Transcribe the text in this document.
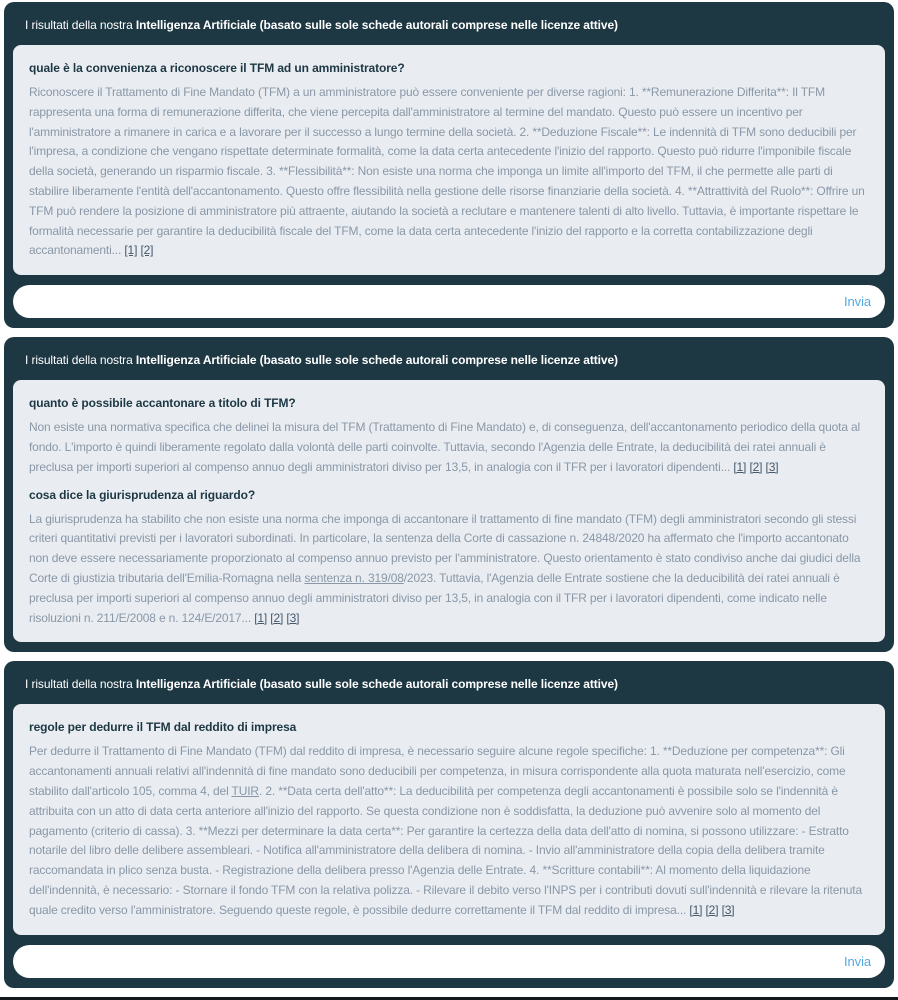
I risultati della nostra Intelligenza Artificiale (basato sulle sole schede autorali comprese nelle licenze attive)
quale è la convenienza a riconoscere il TFM ad un amministratore?
Riconoscere il Trattamento di Fine Mandato (TFM) a un amministratore può essere conveniente per diverse ragioni: 1. **Remunerazione Differita**: Il TFM rappresenta una forma di remunerazione differita, che viene percepita dall'amministratore al termine del mandato. Questo può essere un incentivo per l'amministratore a rimanere in carica e a lavorare per il successo a lungo termine della società. 2. **Deduzione Fiscale**: Le indennità di TFM sono deducibili per l'impresa, a condizione che vengano rispettate determinate formalità, come la data certa antecedente l'inizio del rapporto. Questo può ridurre l'imponibile fiscale della società, generando un risparmio fiscale. 3. **Flessibilità**: Non esiste una norma che imponga un limite all'importo del TFM, il che permette alle parti di stabilire liberamente l'entità dell'accantonamento. Questo offre flessibilità nella gestione delle risorse finanziarie della società. 4. **Attrattività del Ruolo**: Offrire un TFM può rendere la posizione di amministratore più attraente, aiutando la società a reclutare e mantenere talenti di alto livello. Tuttavia, è importante rispettare le formalità necessarie per garantire la deducibilità fiscale del TFM, come la data certa antecedente l'inizio del rapporto e la corretta contabilizzazione degli accantonamenti... [1] [2]
Invia
I risultati della nostra Intelligenza Artificiale (basato sulle sole schede autorali comprese nelle licenze attive)
quanto è possibile accantonare a titolo di TFM?
Non esiste una normativa specifica che delinei la misura del TFM (Trattamento di Fine Mandato) e, di conseguenza, dell'accantonamento periodico della quota al fondo. L'importo è quindi liberamente regolato dalla volontà delle parti coinvolte. Tuttavia, secondo l'Agenzia delle Entrate, la deducibilità dei ratei annuali è preclusa per importi superiori al compenso annuo degli amministratori diviso per 13,5, in analogia con il TFR per i lavoratori dipendenti... [1] [2] [3]
cosa dice la giurisprudenza al riguardo?
La giurisprudenza ha stabilito che non esiste una norma che imponga di accantonare il trattamento di fine mandato (TFM) degli amministratori secondo gli stessi criteri quantitativi previsti per i lavoratori subordinati. In particolare, la sentenza della Corte di cassazione n. 24848/2020 ha affermato che l'importo accantonato non deve essere necessariamente proporzionato al compenso annuo previsto per l'amministratore. Questo orientamento è stato condiviso anche dai giudici della Corte di giustizia tributaria dell'Emilia-Romagna nella sentenza n. 319/08/2023. Tuttavia, l'Agenzia delle Entrate sostiene che la deducibilità dei ratei annuali è preclusa per importi superiori al compenso annuo degli amministratori diviso per 13,5, in analogia con il TFR per i lavoratori dipendenti, come indicato nelle risoluzioni n. 211/E/2008 e n. 124/E/2017... [1] [2] [3]
I risultati della nostra Intelligenza Artificiale (basato sulle sole schede autorali comprese nelle licenze attive)
regole per dedurre il TFM dal reddito di impresa
Per dedurre il Trattamento di Fine Mandato (TFM) dal reddito di impresa, è necessario seguire alcune regole specifiche: 1. **Deduzione per competenza**: Gli accantonamenti annuali relativi all'indennità di fine mandato sono deducibili per competenza, in misura corrispondente alla quota maturata nell'esercizio, come stabilito dall'articolo 105, comma 4, del TUIR. 2. **Data certa dell'atto**: La deducibilità per competenza degli accantonamenti è possibile solo se l'indennità è attribuita con un atto di data certa anteriore all'inizio del rapporto. Se questa condizione non è soddisfatta, la deduzione può avvenire solo al momento del pagamento (criterio di cassa). 3. **Mezzi per determinare la data certa**: Per garantire la certezza della data dell'atto di nomina, si possono utilizzare: - Estratto notarile del libro delle delibere assembleari. - Notifica all'amministratore della delibera di nomina. - Invio all'amministratore della copia della delibera tramite raccomandata in plico senza busta. - Registrazione della delibera presso l'Agenzia delle Entrate. 4. **Scritture contabili**: Al momento della liquidazione dell'indennità, è necessario: - Stornare il fondo TFM con la relativa polizza. - Rilevare il debito verso l'INPS per i contributi dovuti sull'indennità e rilevare la ritenuta quale credito verso l'amministratore. Seguendo queste regole, è possibile dedurre correttamente il TFM dal reddito di impresa... [1] [2] [3]
Invia
